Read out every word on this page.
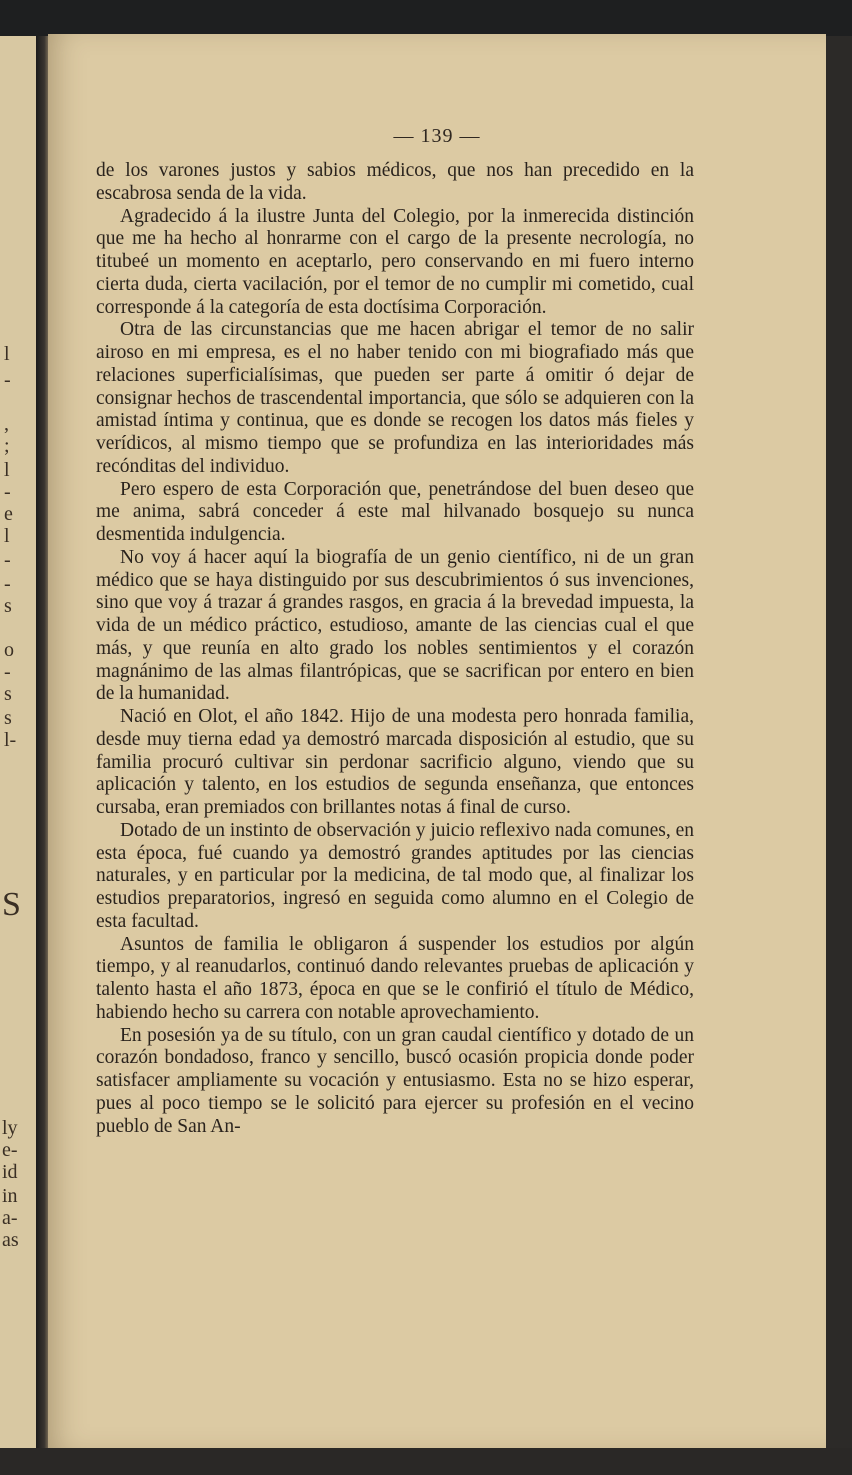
l
-
,
;
l
-
e
l
-
-
s
o
-
s
s
l-
S
ly
e-
id
in
a-
as
— 139 —

de los varones justos y sabios médicos, que nos han precedido en la escabrosa senda de la vida.

Agradecido á la ilustre Junta del Colegio, por la inmerecida distinción que me ha hecho al honrarme con el cargo de la presente necrología, no titubeé un momento en aceptarlo, pero conservando en mi fuero interno cierta duda, cierta vacilación, por el temor de no cumplir mi cometido, cual corresponde á la categoría de esta doctísima Corporación.

Otra de las circunstancias que me hacen abrigar el temor de no salir airoso en mi empresa, es el no haber tenido con mi biografiado más que relaciones superficialísimas, que pueden ser parte á omitir ó dejar de consignar hechos de trascendental importancia, que sólo se adquieren con la amistad íntima y continua, que es donde se recogen los datos más fieles y verídicos, al mismo tiempo que se profundiza en las interioridades más recónditas del individuo.

Pero espero de esta Corporación que, penetrándose del buen deseo que me anima, sabrá conceder á este mal hilvanado bosquejo su nunca desmentida indulgencia.

No voy á hacer aquí la biografía de un genio científico, ni de un gran médico que se haya distinguido por sus descubrimientos ó sus invenciones, sino que voy á trazar á grandes rasgos, en gracia á la brevedad impuesta, la vida de un médico práctico, estudioso, amante de las ciencias cual el que más, y que reunía en alto grado los nobles sentimientos y el corazón magnánimo de las almas filantrópicas, que se sacrifican por entero en bien de la humanidad.

Nació en Olot, el año 1842. Hijo de una modesta pero honrada familia, desde muy tierna edad ya demostró marcada disposición al estudio, que su familia procuró cultivar sin perdonar sacrificio alguno, viendo que su aplicación y talento, en los estudios de segunda enseñanza, que entonces cursaba, eran premiados con brillantes notas á final de curso.

Dotado de un instinto de observación y juicio reflexivo nada comunes, en esta época, fué cuando ya demostró grandes aptitudes por las ciencias naturales, y en particular por la medicina, de tal modo que, al finalizar los estudios preparatorios, ingresó en seguida como alumno en el Colegio de esta facultad.

Asuntos de familia le obligaron á suspender los estudios por algún tiempo, y al reanudarlos, continuó dando relevantes pruebas de aplicación y talento hasta el año 1873, época en que se le confirió el título de Médico, habiendo hecho su carrera con notable aprovechamiento.

En posesión ya de su título, con un gran caudal científico y dotado de un corazón bondadoso, franco y sencillo, buscó ocasión propicia donde poder satisfacer ampliamente su vocación y entusiasmo. Esta no se hizo esperar, pues al poco tiempo se le solicitó para ejercer su profesión en el vecino pueblo de San An-
